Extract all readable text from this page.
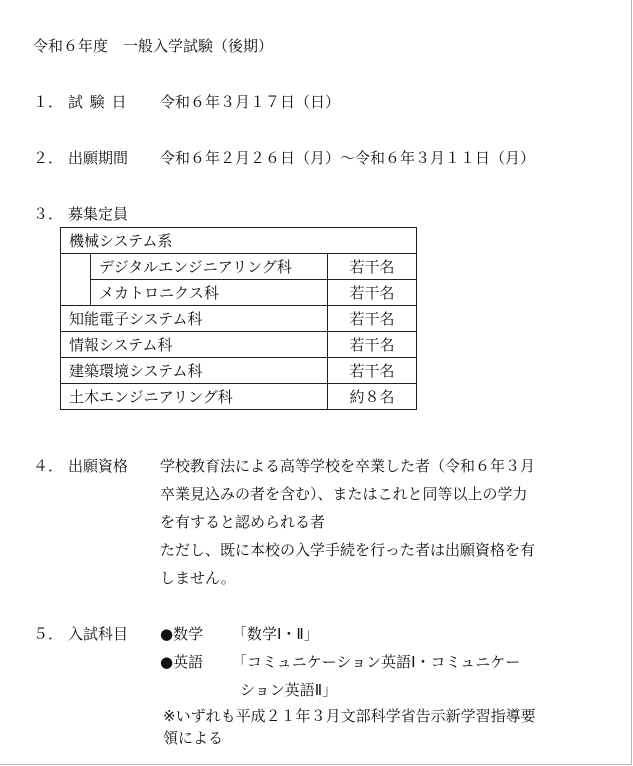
令和６年度　一般入学試験（後期）
１． 試 験 日 令和６年３月１７日（日）
２． 出願期間 令和６年２月２６日（月）～令和６年３月１１日（月）
３． 募集定員
機械システム系		
	デジタルエンジニアリング科	若干名
	メカトロニクス科	若干名
知能電子システム科		若干名
情報システム科		若干名
建築環境システム科		若干名
土木エンジニアリング科		約８名
４． 出願資格 学校教育法による高等学校を卒業した者（令和６年３月
卒業見込みの者を含む）、またはこれと同等以上の学力
を有すると認められる者
ただし、既に本校の入学手続を行った者は出願資格を有
しません。
５． 入試科目 ●数学 「数学Ⅰ・Ⅱ」
●英語 「コミュニケーション英語Ⅰ・コミュニケー
ション英語Ⅱ」
※いずれも平成２１年３月文部科学省告示新学習指導要
領による
